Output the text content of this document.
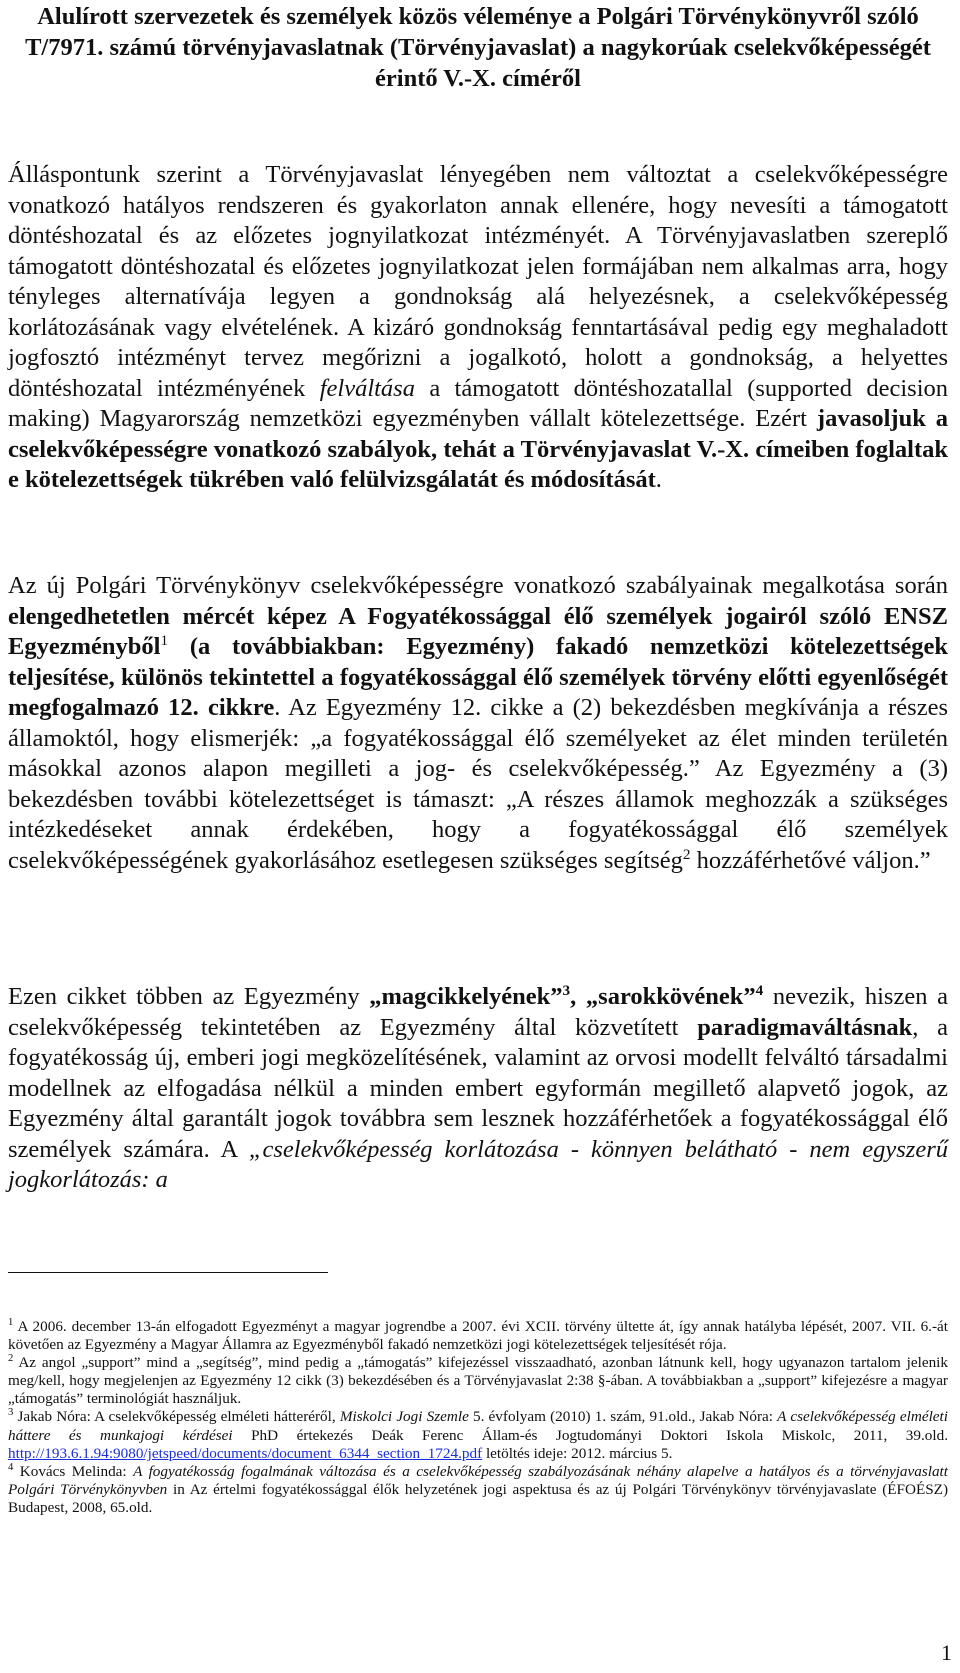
Alulírott szervezetek és személyek közös véleménye a Polgári Törvénykönyvről szóló T/7971. számú törvényjavaslatnak (Törvényjavaslat) a nagykorúak cselekvőképességét érintő V.-X. címéről

Álláspontunk szerint a Törvényjavaslat lényegében nem változtat a cselekvőképességre vonatkozó hatályos rendszeren és gyakorlaton annak ellenére, hogy nevesíti a támogatott döntéshozatal és az előzetes jognyilatkozat intézményét. A Törvényjavaslatben szereplő támogatott döntéshozatal és előzetes jognyilatkozat jelen formájában nem alkalmas arra, hogy tényleges alternatívája legyen a gondnokság alá helyezésnek, a cselekvőképesség korlátozásának vagy elvételének. A kizáró gondnokság fenntartásával pedig egy meghaladott jogfosztó intézményt tervez megőrizni a jogalkotó, holott a gondnokság, a helyettes döntéshozatal intézményének felváltása a támogatott döntéshozatallal (supported decision making) Magyarország nemzetközi egyezményben vállalt kötelezettsége. Ezért javasoljuk a cselekvőképességre vonatkozó szabályok, tehát a Törvényjavaslat V.-X. címeiben foglaltak e kötelezettségek tükrében való felülvizsgálatát és módosítását.

Az új Polgári Törvénykönyv cselekvőképességre vonatkozó szabályainak megalkotása során elengedhetetlen mércét képez A Fogyatékossággal élő személyek jogairól szóló ENSZ Egyezményből$^1$ (a továbbiakban: Egyezmény) fakadó nemzetközi kötelezettségek teljesítése, különös tekintettel a fogyatékossággal élő személyek törvény előtti egyenlőségét megfogalmazó 12. cikkre. Az Egyezmény 12. cikke a (2) bekezdésben megkívánja a részes államoktól, hogy elismerjék: „a fogyatékossággal élő személyeket az élet minden területén másokkal azonos alapon megilleti a jog- és cselekvőképesség.” Az Egyezmény a (3) bekezdésben további kötelezettséget is támaszt: „A részes államok meghozzák a szükséges intézkedéseket annak érdekében, hogy a fogyatékossággal élő személyek cselekvőképességének gyakorlásához esetlegesen szükséges segítség$^2$ hozzáférhetővé váljon.”

Ezen cikket többen az Egyezmény „magcikkelyének”$^3$, „sarokkövének”$^4$ nevezik, hiszen a cselekvőképesség tekintetében az Egyezmény által közvetített paradigmaváltásnak, a fogyatékosság új, emberi jogi megközelítésének, valamint az orvosi modellt felváltó társadalmi modellnek az elfogadása nélkül a minden embert egyformán megillető alapvető jogok, az Egyezmény által garantált jogok továbbra sem lesznek hozzáférhetőek a fogyatékossággal élő személyek számára. A „cselekvőképesség korlátozása - könnyen belátható - nem egyszerű jogkorlátozás: a

$^1$ A 2006. december 13-án elfogadott Egyezményt a magyar jogrendbe a 2007. évi XCII. törvény ültette át, így annak hatályba lépését, 2007. VII. 6.-át követően az Egyezmény a Magyar Államra az Egyezményből fakadó nemzetközi jogi kötelezettségek teljesítését rója.

$^2$ Az angol „support” mind a „segítség”, mind pedig a „támogatás” kifejezéssel visszaadható, azonban látnunk kell, hogy ugyanazon tartalom jelenik meg/kell, hogy megjelenjen az Egyezmény 12 cikk (3) bekezdésében és a Törvényjavaslat 2:38 §-ában. A továbbiakban a „support” kifejezésre a magyar „támogatás” terminológiát használjuk.

$^3$ Jakab Nóra: A cselekvőképesség elméleti hátteréről, Miskolci Jogi Szemle 5. évfolyam (2010) 1. szám, 91.old., Jakab Nóra: A cselekvőképesség elméleti háttere és munkajogi kérdései PhD értekezés Deák Ferenc Állam-és Jogtudományi Doktori Iskola Miskolc, 2011, 39.old. http://193.6.1.94:9080/jetspeed/documents/document_6344_section_1724.pdf letöltés ideje: 2012. március 5.

$^4$ Kovács Melinda: A fogyatékosság fogalmának változása és a cselekvőképesség szabályozásának néhány alapelve a hatályos és a törvényjavaslatt Polgári Törvénykönyvben in Az értelmi fogyatékossággal élők helyzetének jogi aspektusa és az új Polgári Törvénykönyv törvényjavaslate (ÉFOÉSZ) Budapest, 2008, 65.old.

1
